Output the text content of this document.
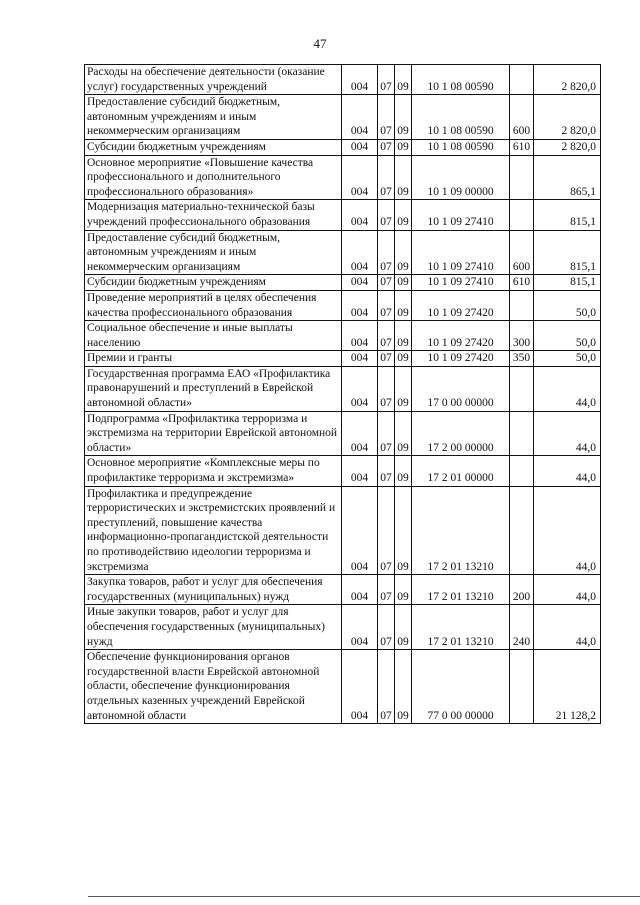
47
Расходы на обеспечение деятельности (оказание услуг) государственных учреждений	004	07	09	10 1 08 00590		2 820,0
Предоставление субсидий бюджетным, автономным учреждениям и иным некоммерческим организациям	004	07	09	10 1 08 00590	600	2 820,0
Субсидии бюджетным учреждениям	004	07	09	10 1 08 00590	610	2 820,0
Основное мероприятие «Повышение качества профессионального и дополнительного профессионального образования»	004	07	09	10 1 09 00000		865,1
Модернизация материально-технической базы учреждений профессионального образования	004	07	09	10 1 09 27410		815,1
Предоставление субсидий бюджетным, автономным учреждениям и иным некоммерческим организациям	004	07	09	10 1 09 27410	600	815,1
Субсидии бюджетным учреждениям	004	07	09	10 1 09 27410	610	815,1
Проведение мероприятий в целях обеспечения качества профессионального образования	004	07	09	10 1 09 27420		50,0
Социальное обеспечение и иные выплаты населению	004	07	09	10 1 09 27420	300	50,0
Премии и гранты	004	07	09	10 1 09 27420	350	50,0
Государственная программа ЕАО «Профилактика правонарушений и преступлений в Еврейской автономной области»	004	07	09	17 0 00 00000		44,0
Подпрограмма «Профилактика терроризма и экстремизма на территории Еврейской автономной области»	004	07	09	17 2 00 00000		44,0
Основное мероприятие «Комплексные меры по профилактике терроризма и экстремизма»	004	07	09	17 2 01 00000		44,0
Профилактика и предупреждение террористических и экстремистских проявлений и преступлений, повышение качества информационно-пропагандистской деятельности по противодействию идеологии терроризма и экстремизма	004	07	09	17 2 01 13210		44,0
Закупка товаров, работ и услуг для обеспечения государственных (муниципальных) нужд	004	07	09	17 2 01 13210	200	44,0
Иные закупки товаров, работ и услуг для обеспечения государственных (муниципальных) нужд	004	07	09	17 2 01 13210	240	44,0
Обеспечение функционирования органов государственной власти Еврейской автономной области, обеспечение функционирования отдельных казенных учреждений Еврейской автономной области	004	07	09	77 0 00 00000		21 128,2
